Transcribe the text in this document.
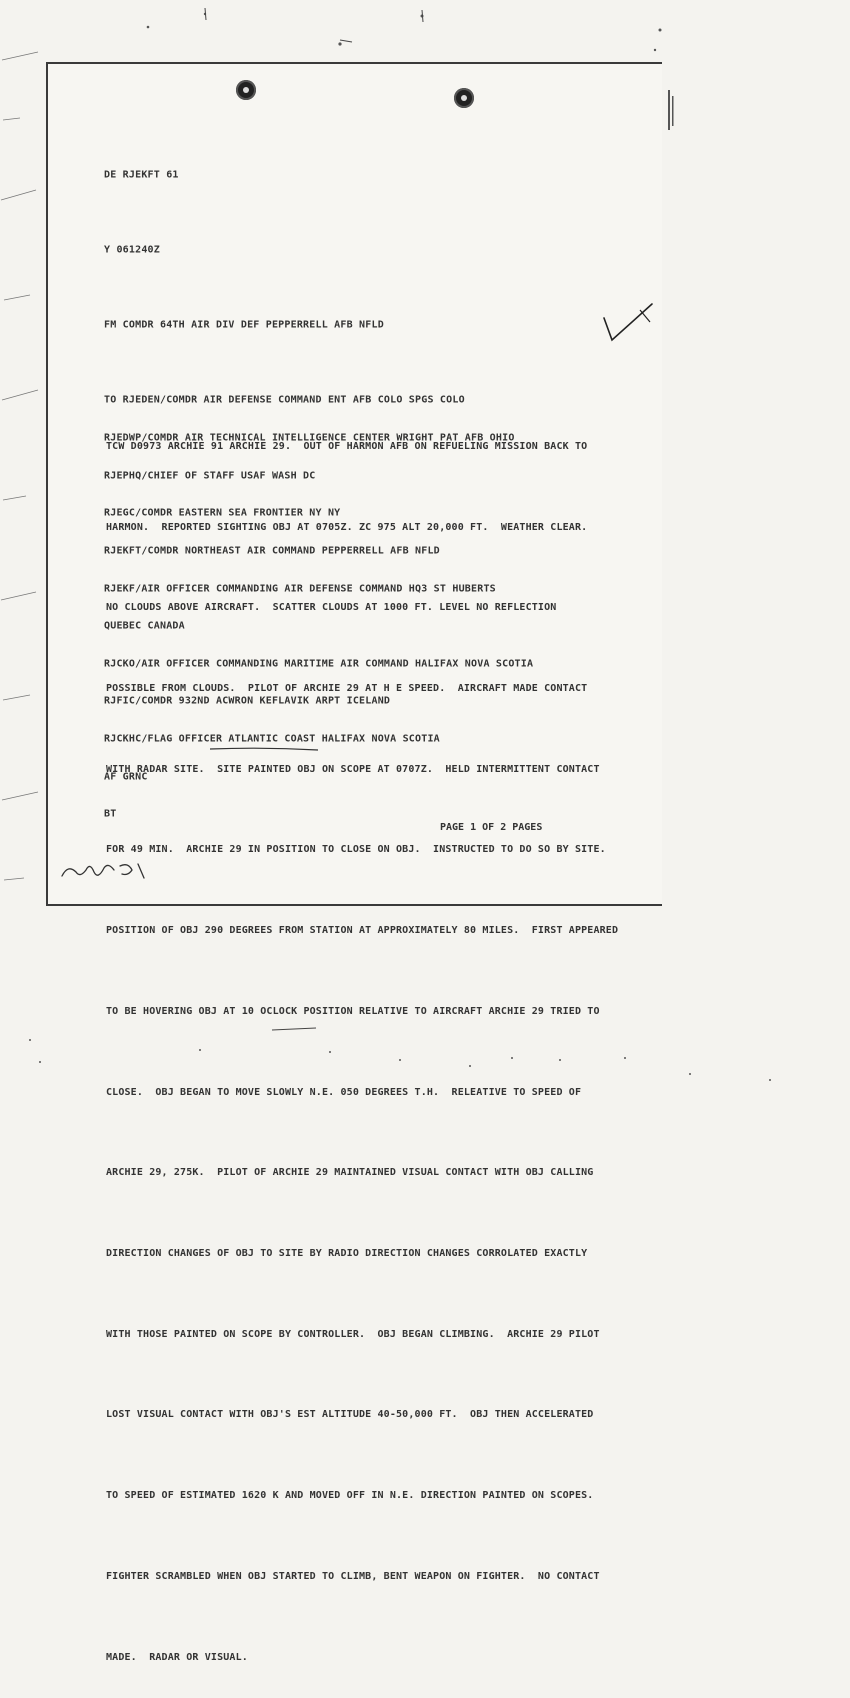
DE RJEKFT 61

Y 061240Z

FM COMDR 64TH AIR DIV DEF PEPPERRELL AFB NFLD

TO RJEDEN/COMDR AIR DEFENSE COMMAND ENT AFB COLO SPGS COLO

RJEDWP/COMDR AIR TECHNICAL INTELLIGENCE CENTER WRIGHT PAT AFB OHIO

RJEPHQ/CHIEF OF STAFF USAF WASH DC

RJEGC/COMDR EASTERN SEA FRONTIER NY NY

RJEKFT/COMDR NORTHEAST AIR COMMAND PEPPERRELL AFB NFLD

RJEKF/AIR OFFICER COMMANDING AIR DEFENSE COMMAND HQ3 ST HUBERTS

QUEBEC CANADA

RJCKO/AIR OFFICER COMMANDING MARITIME AIR COMMAND HALIFAX NOVA SCOTIA

RJFIC/COMDR 932ND ACWRON KEFLAVIK ARPT ICELAND

RJCKHC/FLAG OFFICER ATLANTIC COAST HALIFAX NOVA SCOTIA

AF GRNC

BT

TCW D0973 ARCHIE 91 ARCHIE 29.  OUT OF HARMON AFB ON REFUELING MISSION BACK TO

HARMON.  REPORTED SIGHTING OBJ AT 0705Z. ZC 975 ALT 20,000 FT.  WEATHER CLEAR.

NO CLOUDS ABOVE AIRCRAFT.  SCATTER CLOUDS AT 1000 FT. LEVEL NO REFLECTION

POSSIBLE FROM CLOUDS.  PILOT OF ARCHIE 29 AT H E SPEED.  AIRCRAFT MADE CONTACT

WITH RADAR SITE.  SITE PAINTED OBJ ON SCOPE AT 0707Z.  HELD INTERMITTENT CONTACT

FOR 49 MIN.  ARCHIE 29 IN POSITION TO CLOSE ON OBJ.  INSTRUCTED TO DO SO BY SITE.

POSITION OF OBJ 290 DEGREES FROM STATION AT APPROXIMATELY 80 MILES.  FIRST APPEARED

TO BE HOVERING OBJ AT 10 OCLOCK POSITION RELATIVE TO AIRCRAFT ARCHIE 29 TRIED TO

CLOSE.  OBJ BEGAN TO MOVE SLOWLY N.E. 050 DEGREES T.H.  RELEATIVE TO SPEED OF

ARCHIE 29, 275K.  PILOT OF ARCHIE 29 MAINTAINED VISUAL CONTACT WITH OBJ CALLING

DIRECTION CHANGES OF OBJ TO SITE BY RADIO DIRECTION CHANGES CORROLATED EXACTLY

WITH THOSE PAINTED ON SCOPE BY CONTROLLER.  OBJ BEGAN CLIMBING.  ARCHIE 29 PILOT

LOST VISUAL CONTACT WITH OBJ'S EST ALTITUDE 40-50,000 FT.  OBJ THEN ACCELERATED

TO SPEED OF ESTIMATED 1620 K AND MOVED OFF IN N.E. DIRECTION PAINTED ON SCOPES.

FIGHTER SCRAMBLED WHEN OBJ STARTED TO CLIMB, BENT WEAPON ON FIGHTER.  NO CONTACT

MADE.  RADAR OR VISUAL.

PAGE 1 OF 2 PAGES
